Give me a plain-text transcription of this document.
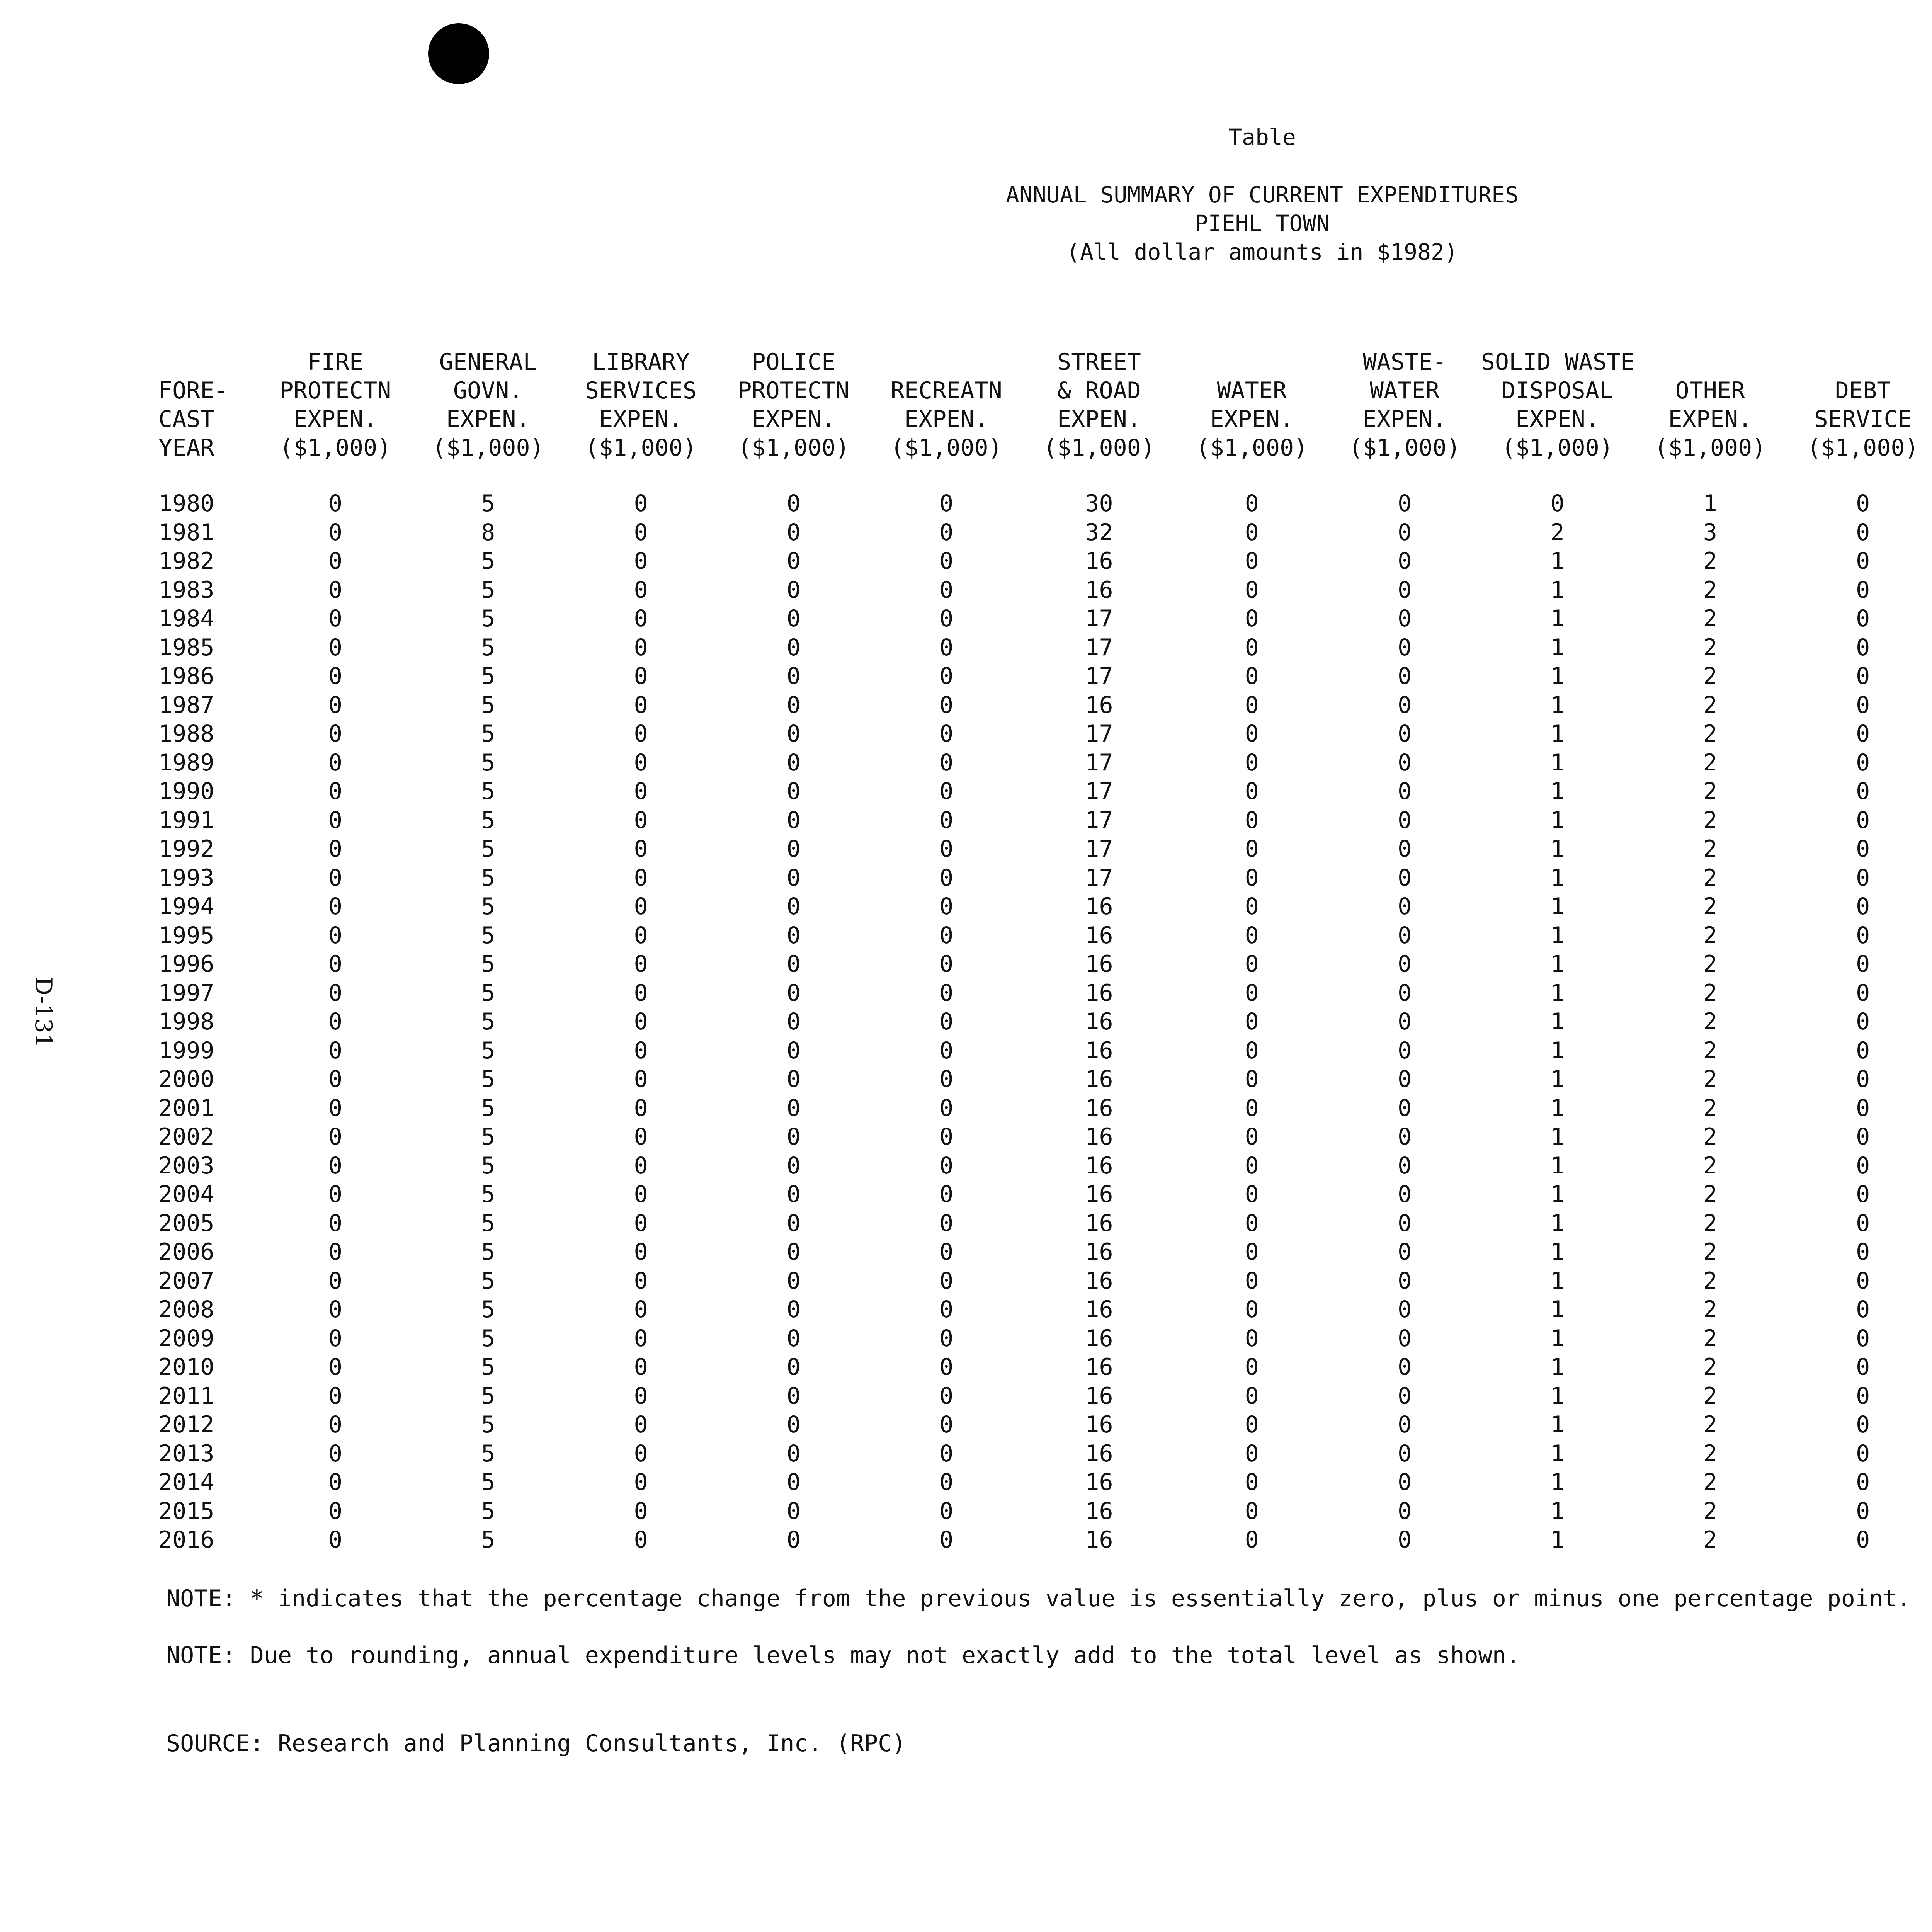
D-131
Table
ANNUAL SUMMARY OF CURRENT EXPENDITURES
PIEHL TOWN
(All dollar amounts in $1982)
	FIRE	GENERAL	LIBRARY	POLICE		STREET		WASTE-	SOLID WASTE					
FORE-	PROTECTN	GOVN.	SERVICES	PROTECTN	RECREATN	& ROAD	WATER	WATER	DISPOSAL	OTHER	DEBT			
CAST	EXPEN.	EXPEN.	EXPEN.	EXPEN.	EXPEN.	EXPEN.	EXPEN.	EXPEN.	EXPEN.	EXPEN.	SERVICE			
YEAR	($1,000)	($1,000)	($1,000)	($1,000)	($1,000)	($1,000)	($1,000)	($1,000)	($1,000)	($1,000)	($1,000)			
1980	0	5	0	0	0	30	0	0	0	1	0			

1981	0	8	0	0	0	32	0	0	2	3	0			

1982	0	5	0	0	0	16	0	0	1	2	0			

1983	0	5	0	0	0	16	0	0	1	2	0			

1984	0	5	0	0	0	17	0	0	1	2	0			

1985	0	5	0	0	0	17	0	0	1	2	0			

1986	0	5	0	0	0	17	0	0	1	2	0			

1987	0	5	0	0	0	16	0	0	1	2	0			

1988	0	5	0	0	0	17	0	0	1	2	0			

1989	0	5	0	0	0	17	0	0	1	2	0			

1990	0	5	0	0	0	17	0	0	1	2	0			

1991	0	5	0	0	0	17	0	0	1	2	0			

1992	0	5	0	0	0	17	0	0	1	2	0			

1993	0	5	0	0	0	17	0	0	1	2	0			

1994	0	5	0	0	0	16	0	0	1	2	0			

1995	0	5	0	0	0	16	0	0	1	2	0			

1996	0	5	0	0	0	16	0	0	1	2	0			

1997	0	5	0	0	0	16	0	0	1	2	0			

1998	0	5	0	0	0	16	0	0	1	2	0			

1999	0	5	0	0	0	16	0	0	1	2	0			

2000	0	5	0	0	0	16	0	0	1	2	0			

2001	0	5	0	0	0	16	0	0	1	2	0			

2002	0	5	0	0	0	16	0	0	1	2	0			

2003	0	5	0	0	0	16	0	0	1	2	0			

2004	0	5	0	0	0	16	0	0	1	2	0			

2005	0	5	0	0	0	16	0	0	1	2	0			

2006	0	5	0	0	0	16	0	0	1	2	0			

2007	0	5	0	0	0	16	0	0	1	2	0			

2008	0	5	0	0	0	16	0	0	1	2	0			

2009	0	5	0	0	0	16	0	0	1	2	0			

2010	0	5	0	0	0	16	0	0	1	2	0			

2011	0	5	0	0	0	16	0	0	1	2	0			

2012	0	5	0	0	0	16	0	0	1	2	0			

2013	0	5	0	0	0	16	0	0	1	2	0			

2014	0	5	0	0	0	16	0	0	1	2	0			

2015	0	5	0	0	0	16	0	0	1	2	0			

2016	0	5	0	0	0	16	0	0	1	2	0			
NOTE: * indicates that the percentage change from the previous value is essentially zero, plus or minus one percentage point.
NOTE: Due to rounding, annual expenditure levels may not exactly add to the total level as shown.
SOURCE: Research and Planning Consultants, Inc. (RPC)
